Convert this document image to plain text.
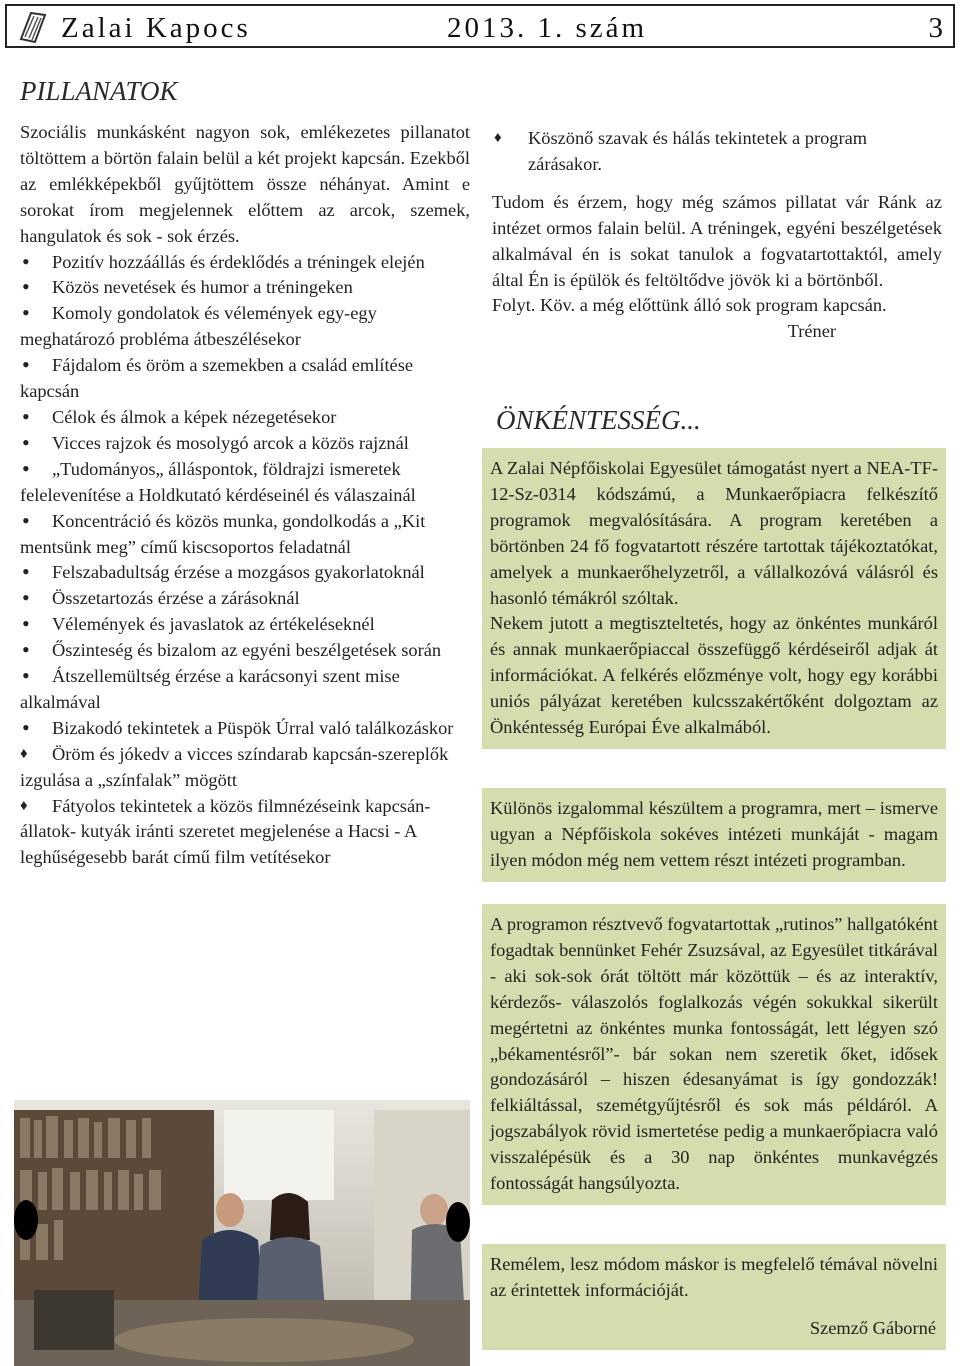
Zalai Kapocs	2013. 1. szám	3
PILLANATOK

Szociális munkásként nagyon sok, emlékezetes pillanatot töltöttem a börtön falain belül a két projekt kapcsán. Ezekből az emlékképekből gyűjtöttem össze néhányat. Amint e sorokat írom megjelennek előttem az arcok, szemek, hangulatok és sok - sok érzés.

• Pozitív hozzáállás és érdeklődés a tréningek elején
• Közös nevetések és humor a tréningeken
• Komoly gondolatok és vélemények egy-egy meghatározó probléma átbeszélésekor
• Fájdalom és öröm a szemekben a család említése kapcsán
• Célok és álmok a képek nézegetésekor
• Vicces rajzok és mosolygó arcok a közös rajznál
• „Tudományos„ álláspontok, földrajzi ismeretek felelevenítése a Holdkutató kérdéseinél és válaszainál
• Koncentráció és közös munka, gondolkodás a „Kit mentsünk meg” című kiscsoportos feladatnál
• Felszabadultság érzése a mozgásos gyakorlatoknál
• Összetartozás érzése a zárásoknál
• Vélemények és javaslatok az értékeléseknél
• Őszinteség és bizalom az egyéni beszélgetések során
• Átszellemültség érzése a karácsonyi szent mise alkalmával
• Bizakodó tekintetek a Püspök Úrral való találkozáskor
♦ Öröm és jókedv a vicces színdarab kapcsán-szereplők izgulása a „színfalak” mögött
♦ Fátyolos tekintetek a közös filmnézéseink kapcsán- állatok- kutyák iránti szeretet megjelenése a Hacsi - A leghűségesebb barát című film vetítésekor
♦ Köszönő szavak és hálás tekintetek a program zárásakor.

Tudom és érzem, hogy még számos pillatat vár Ránk az intézet ormos falain belül. A tréningek, egyéni beszélgetések alkalmával én is sokat tanulok a fogvatartottaktól, amely által Én is épülök és feltöltődve jövök ki a börtönből.

Folyt. Köv. a még előttünk álló sok program kapcsán.

Tréner
ÖNKÉNTESSÉG...

A Zalai Népfőiskolai Egyesület támogatást nyert a NEA-TF-12-Sz-0314 kódszámú, a Munkaerőpiacra felkészítő programok megvalósítására. A program keretében a börtönben 24 fő fogvatartott részére tartottak tájékoztatókat, amelyek a munkaerőhelyzetről, a vállalkozóvá válásról és hasonló témákról szóltak.

Nekem jutott a megtiszteltetés, hogy az önkéntes munkáról és annak munkaerőpiaccal összefüggő kérdéseiről adjak át információkat. A felkérés előzménye volt, hogy egy korábbi uniós pályázat keretében kulcsszakértőként dolgoztam az Önkéntesség Európai Éve alkalmából.

Különös izgalommal készültem a programra, mert – ismerve ugyan a Népfőiskola sokéves intézeti munkáját - magam ilyen módon még nem vettem részt intézeti programban.

A programon résztvevő fogvatartottak „rutinos” hallgatóként fogadtak bennünket Fehér Zsuzsával, az Egyesület titkárával - aki sok-sok órát töltött már közöttük – és az interaktív, kérdezős- válaszolós foglalkozás végén sokukkal sikerült megértetni az önkéntes munka fontosságát, lett légyen szó „békamentésről”- bár sokan nem szeretik őket, idősek gondozásáról – hiszen édesanyámat is így gondozzák! felkiáltással, szemétgyűjtésről és sok más példáról. A jogszabályok rövid ismertetése pedig a munkaerőpiacra való visszalépésük és a 30 nap önkéntes munkavégzés fontosságát hangsúlyozta.

Remélem, lesz módom máskor is megfelelő témával növelni az érintettek információját.

Szemző Gáborné
